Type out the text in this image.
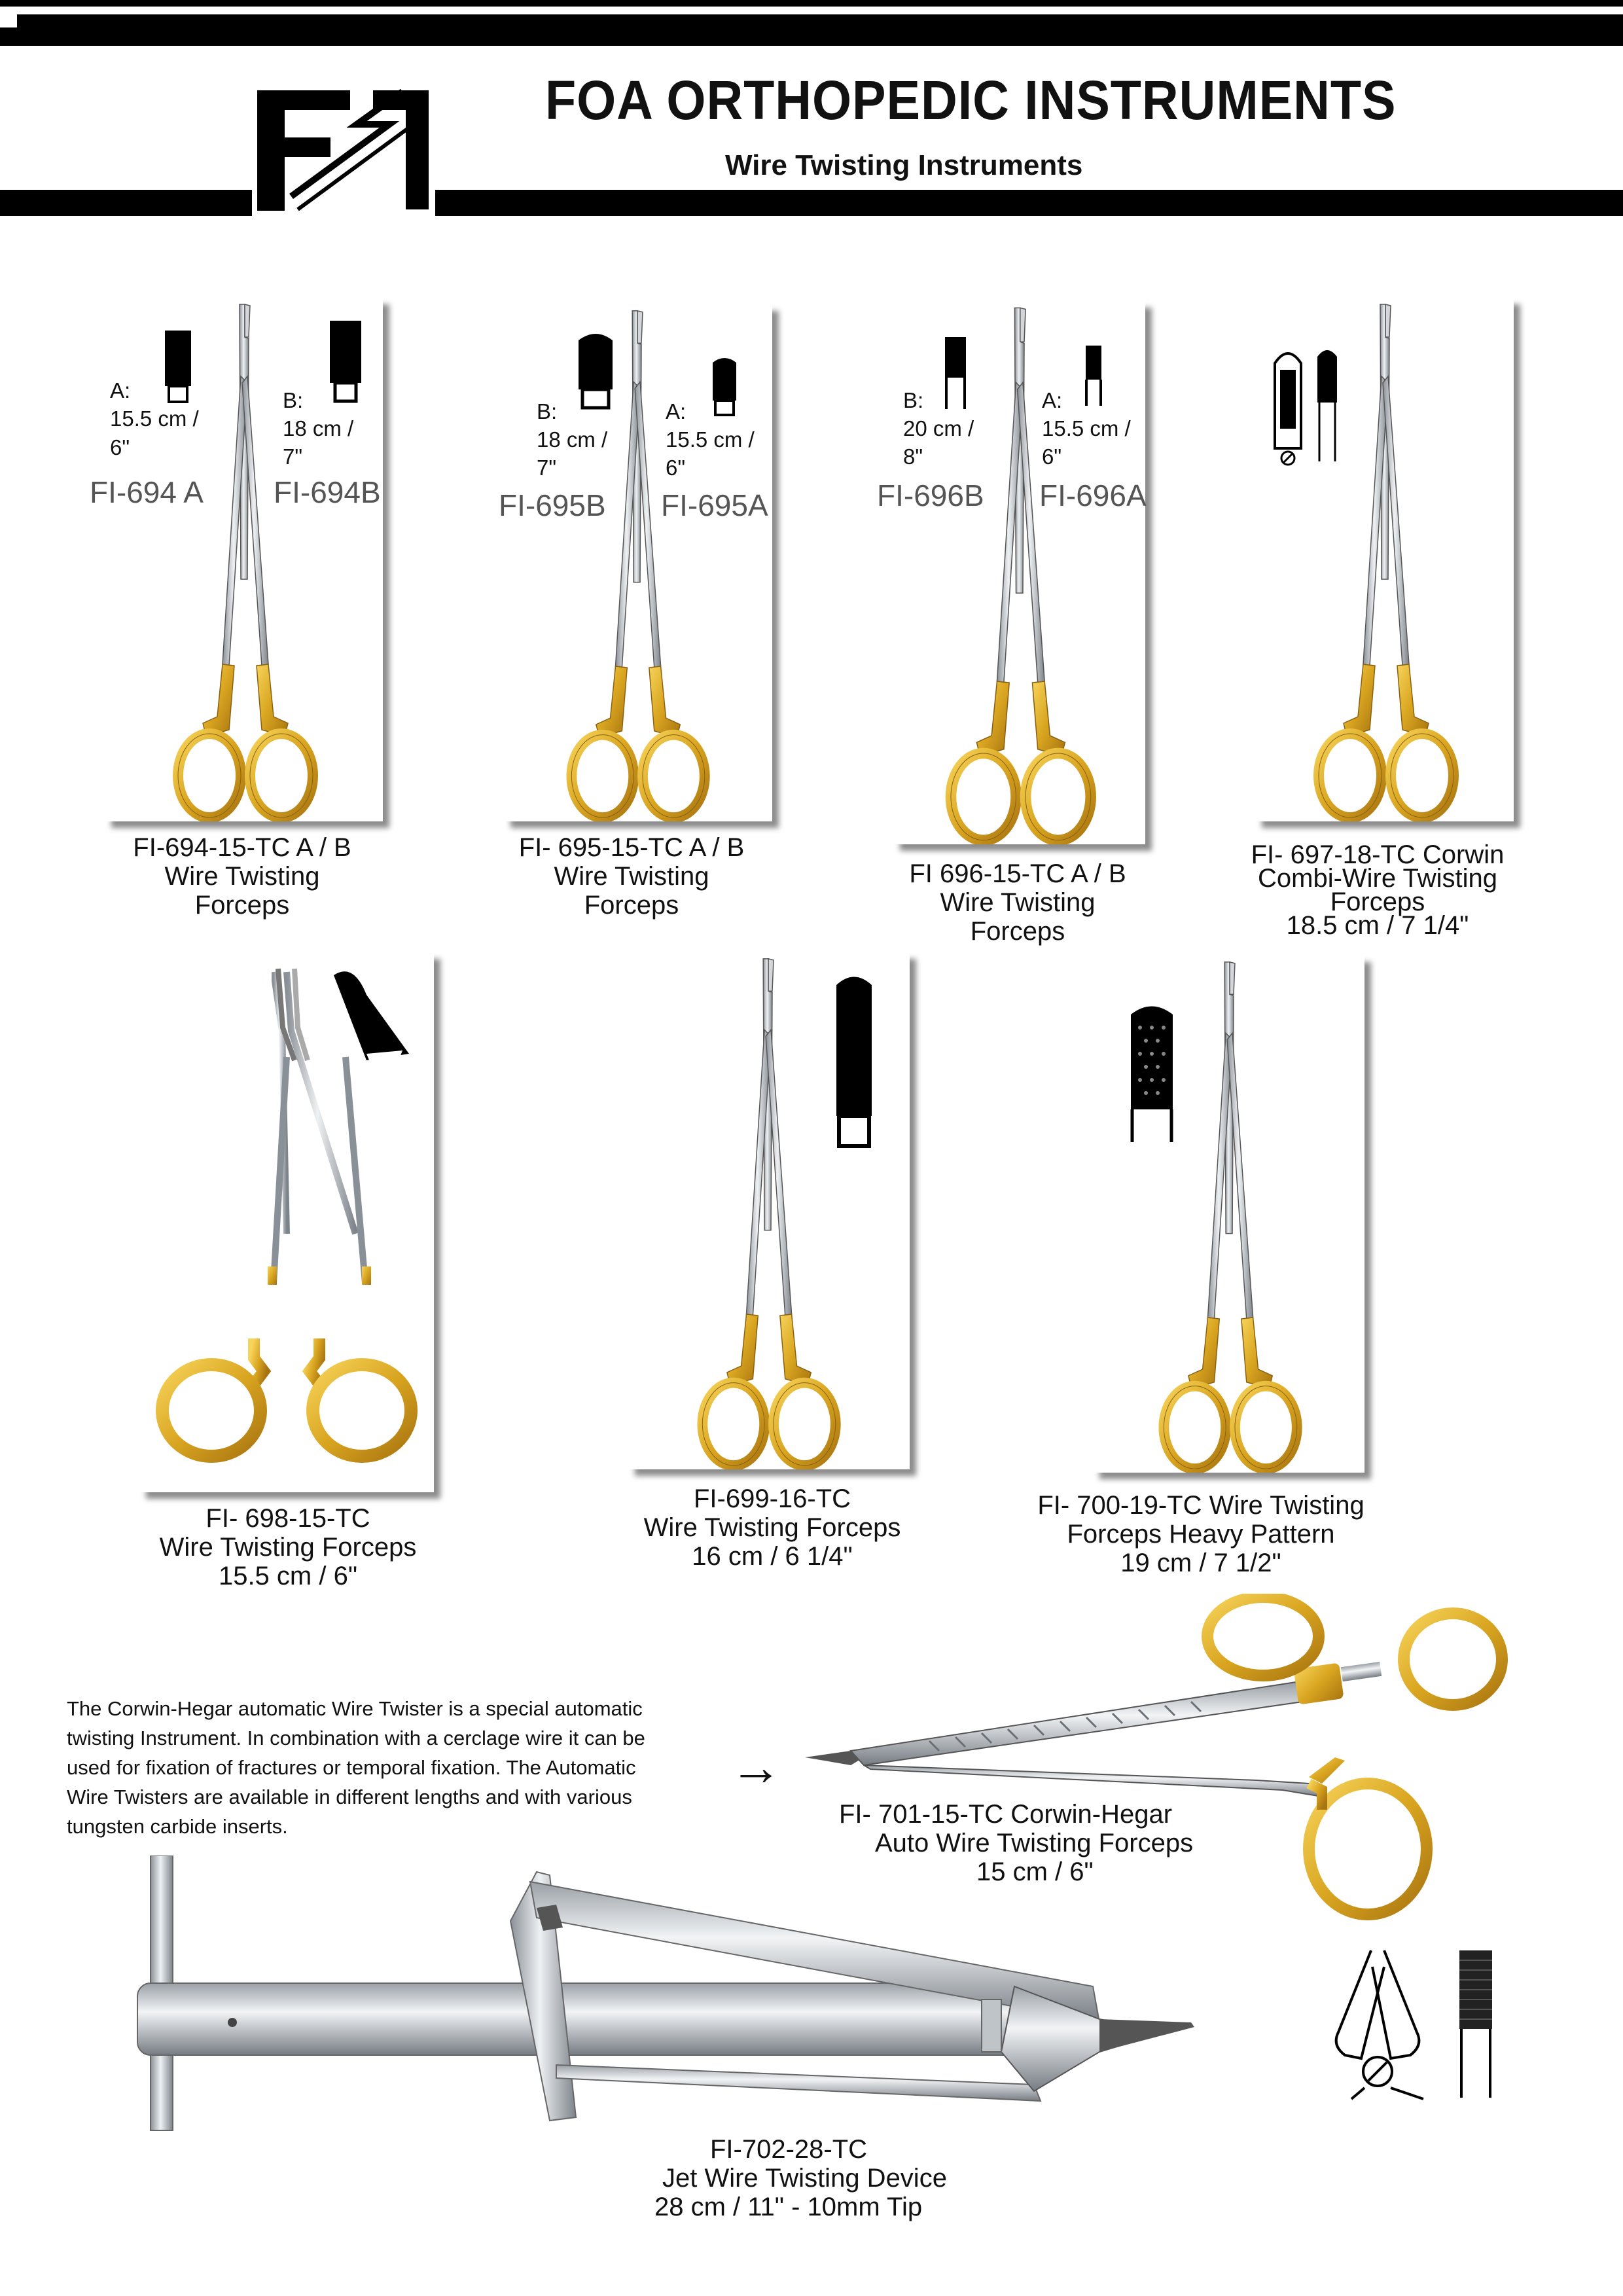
FOA ORTHOPEDIC INSTRUMENTS
Wire Twisting Instruments
A:
15.5 cm /
6"
FI-694 A
B:
18 cm /
7"
FI-694B
B:
18 cm /
7"
FI-695B
A:
15.5 cm /
6"
FI-695A
B:
20 cm /
8"
FI-696B
A:
15.5 cm /
6"
FI-696A
FI-694-15-TC A / B
Wire Twisting
Forceps
FI- 695-15-TC A / B
Wire Twisting
Forceps
FI 696-15-TC A / B
Wire Twisting
Forceps
FI- 697-18-TC Corwin
Combi-Wire Twisting
Forceps
18.5 cm / 7 1/4"
FI- 698-15-TC
Wire Twisting Forceps
15.5 cm / 6"
FI-699-16-TC
Wire Twisting Forceps
16 cm / 6 1/4"
FI- 700-19-TC Wire Twisting
Forceps Heavy Pattern
19 cm / 7 1/2"
The Corwin-Hegar automatic Wire Twister is a special automatic
twisting Instrument. In combination with a cerclage wire it can be
used for fixation of fractures or temporal fixation. The Automatic
Wire Twisters are available in different lengths and with various
tungsten carbide inserts.
→
FI- 701-15-TC Corwin-Hegar
Auto Wire Twisting Forceps
15 cm / 6"
FI-702-28-TC
Jet Wire Twisting Device
28 cm / 11" - 10mm Tip
